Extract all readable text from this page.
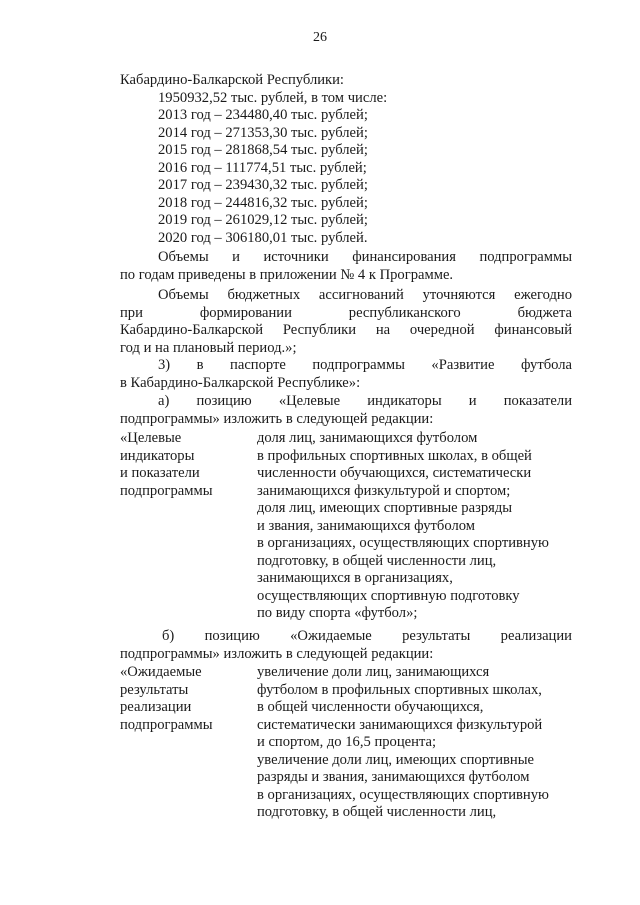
26
Кабардино-Балкарской Республики:
1950932,52 тыс. рублей, в том числе:
2013 год – 234480,40 тыс. рублей;
2014 год – 271353,30 тыс. рублей;
2015 год – 281868,54 тыс. рублей;
2016 год – 111774,51 тыс. рублей;
2017 год – 239430,32 тыс. рублей;
2018 год – 244816,32 тыс. рублей;
2019 год – 261029,12 тыс. рублей;
2020 год – 306180,01 тыс. рублей.
Объемы и источники финансирования подпрограммы
по годам приведены в приложении № 4 к Программе.
Объемы бюджетных ассигнований уточняются ежегодно
при формировании республиканского бюджета
Кабардино-Балкарской Республики на очередной финансовый
год и на плановый период.»;
3) в паспорте подпрограммы «Развитие футбола
в Кабардино-Балкарской Республике»:
а) позицию «Целевые индикаторы и показатели
подпрограммы» изложить в следующей редакции:
«Целевые
индикаторы
и показатели
подпрограммы
доля лиц, занимающихся футболом
в профильных спортивных школах, в общей
численности обучающихся, систематически
занимающихся физкультурой и спортом;
доля лиц, имеющих спортивные разряды
и звания, занимающихся футболом
в организациях, осуществляющих спортивную
подготовку, в общей численности лиц,
занимающихся в организациях,
осуществляющих спортивную подготовку
по виду спорта «футбол»;
б) позицию «Ожидаемые результаты реализации
подпрограммы» изложить в следующей редакции:
«Ожидаемые
результаты
реализации
подпрограммы
увеличение доли лиц, занимающихся
футболом в профильных спортивных школах,
в общей численности обучающихся,
систематически занимающихся физкультурой
и спортом, до 16,5 процента;
увеличение доли лиц, имеющих спортивные
разряды и звания, занимающихся футболом
в организациях, осуществляющих спортивную
подготовку, в общей численности лиц,
